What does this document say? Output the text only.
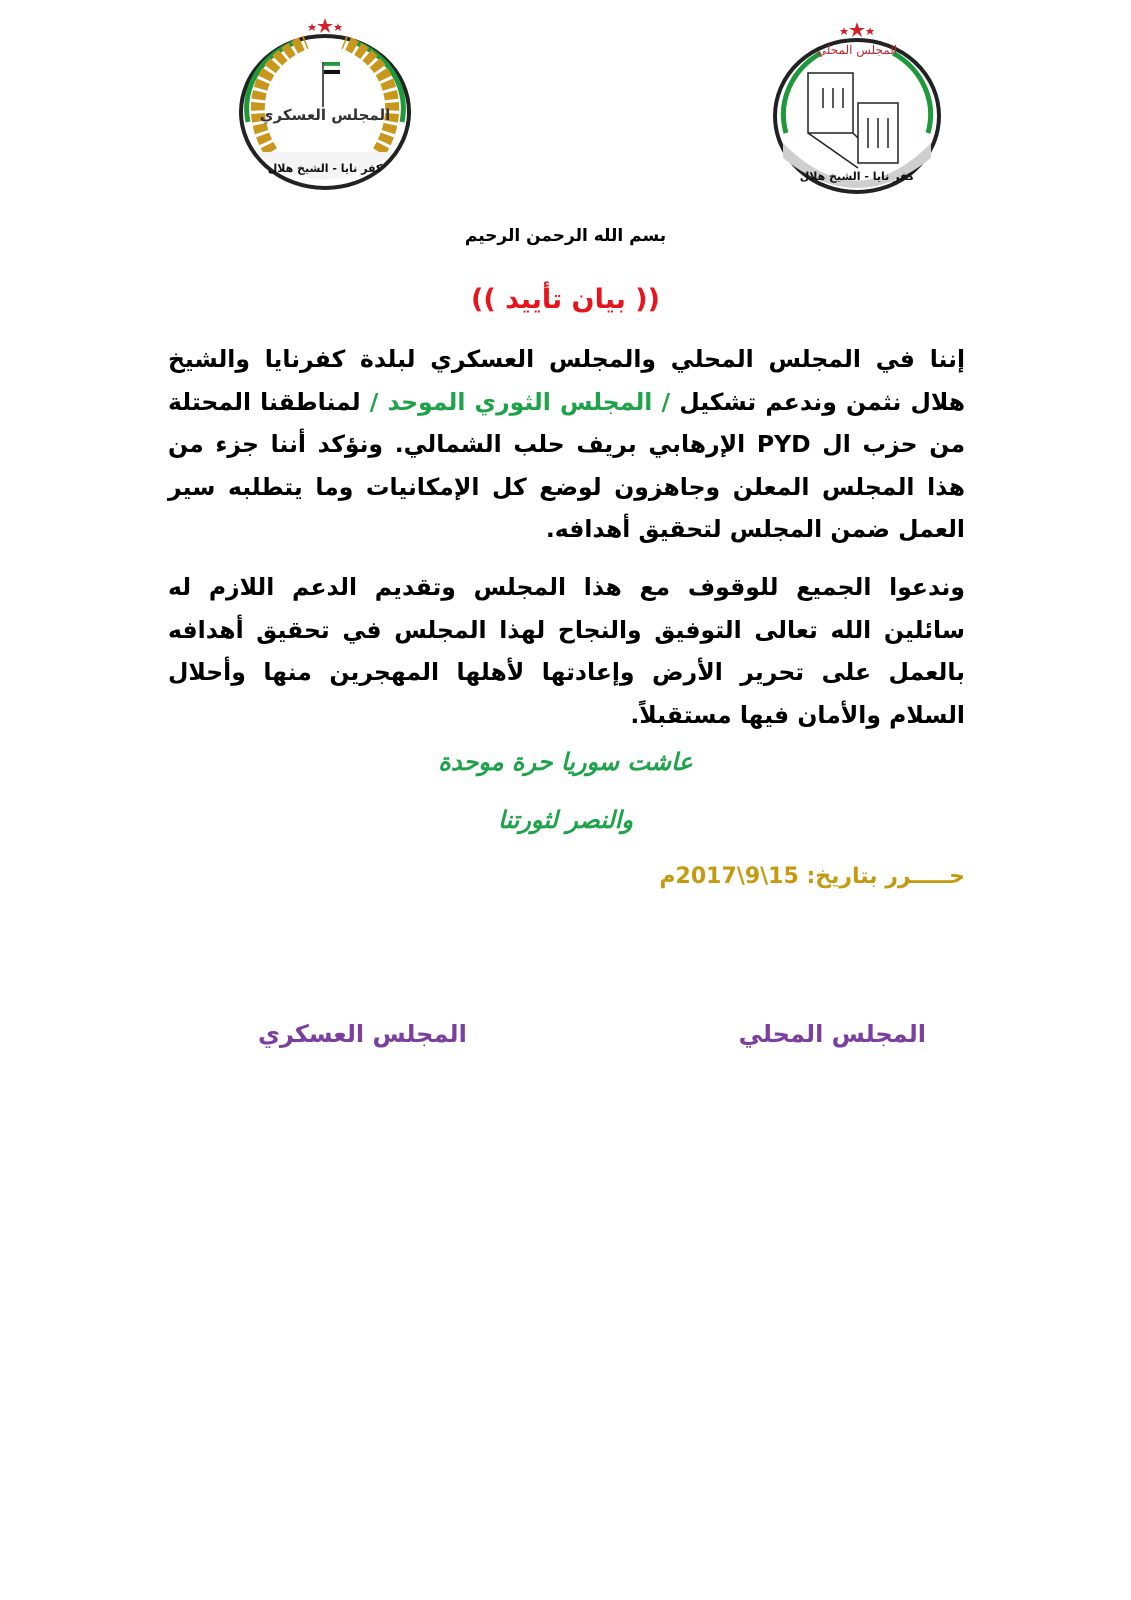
المجلس العسكري
كفر نايا - الشيخ هلال
المجلس المحلي
كفر نايا - الشيخ هلال
بسم الله الرحمن الرحيم
(( بيان تأييد ))

إننا في المجلس المحلي والمجلس العسكري لبلدة كفرنايا والشيخ هلال نثمن وندعم تشكيل / المجلس الثوري الموحد / لمناطقنا المحتلة من حزب ال PYD الإرهابي بريف حلب الشمالي. ونؤكد أننا جزء من هذا المجلس المعلن وجاهزون لوضع كل الإمكانيات وما يتطلبه سير العمل ضمن المجلس لتحقيق أهدافه.

وندعوا الجميع للوقوف مع هذا المجلس وتقديم الدعم اللازم له سائلين الله تعالى التوفيق والنجاح لهذا المجلس في تحقيق أهدافه بالعمل على تحرير الأرض وإعادتها لأهلها المهجرين منها وأحلال السلام والأمان فيها مستقبلاً.

عاشت سوريا حرة موحدة
والنصر لثورتنا
حـــــرر بتاريخ: 15\9\2017م
المجلس المحلي
المجلس العسكري
